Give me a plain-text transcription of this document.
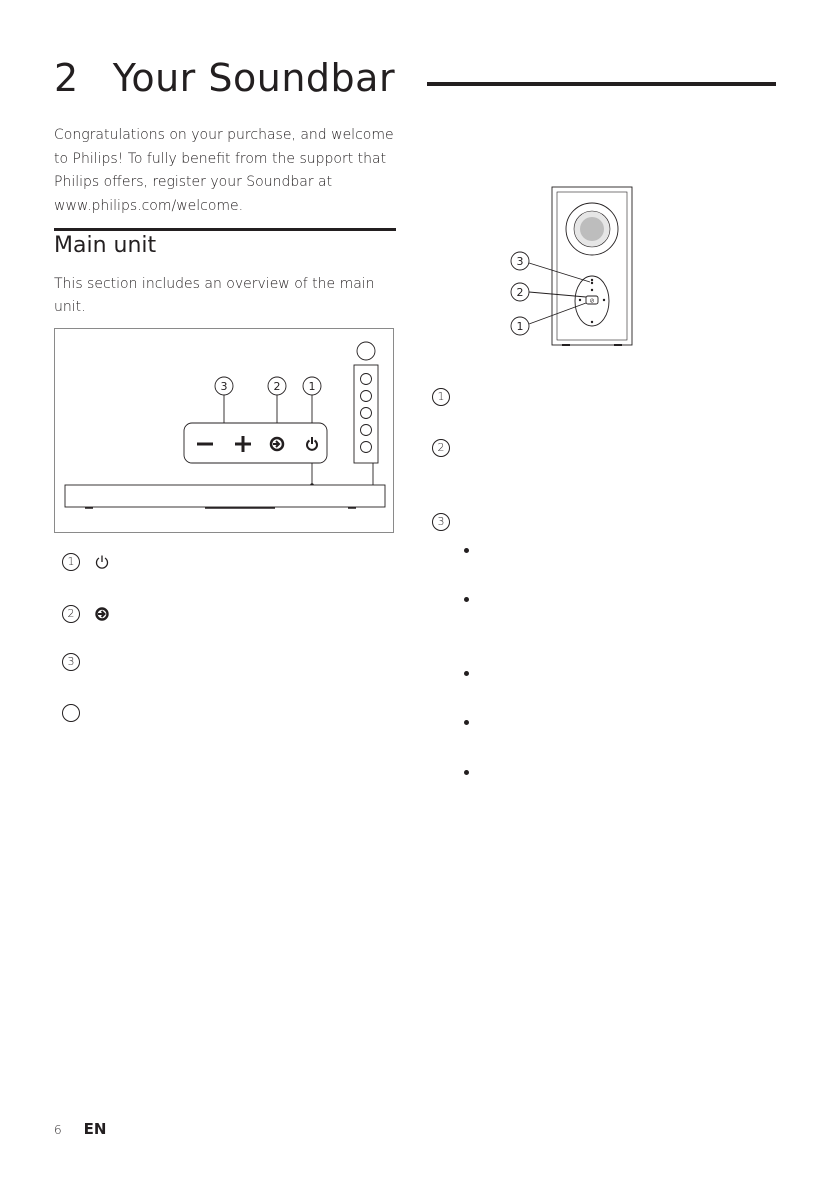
2 Your Soundbar
Congratulations on your purchase, and welcome to Philips! To fully benefit from the support that Philips offers, register your Soundbar at www.philips.com/welcome.
Main unit
This section includes an overview of the main unit.
3	2	1
1
2
3
⊘
3
2
1
1
2
3
6 EN
